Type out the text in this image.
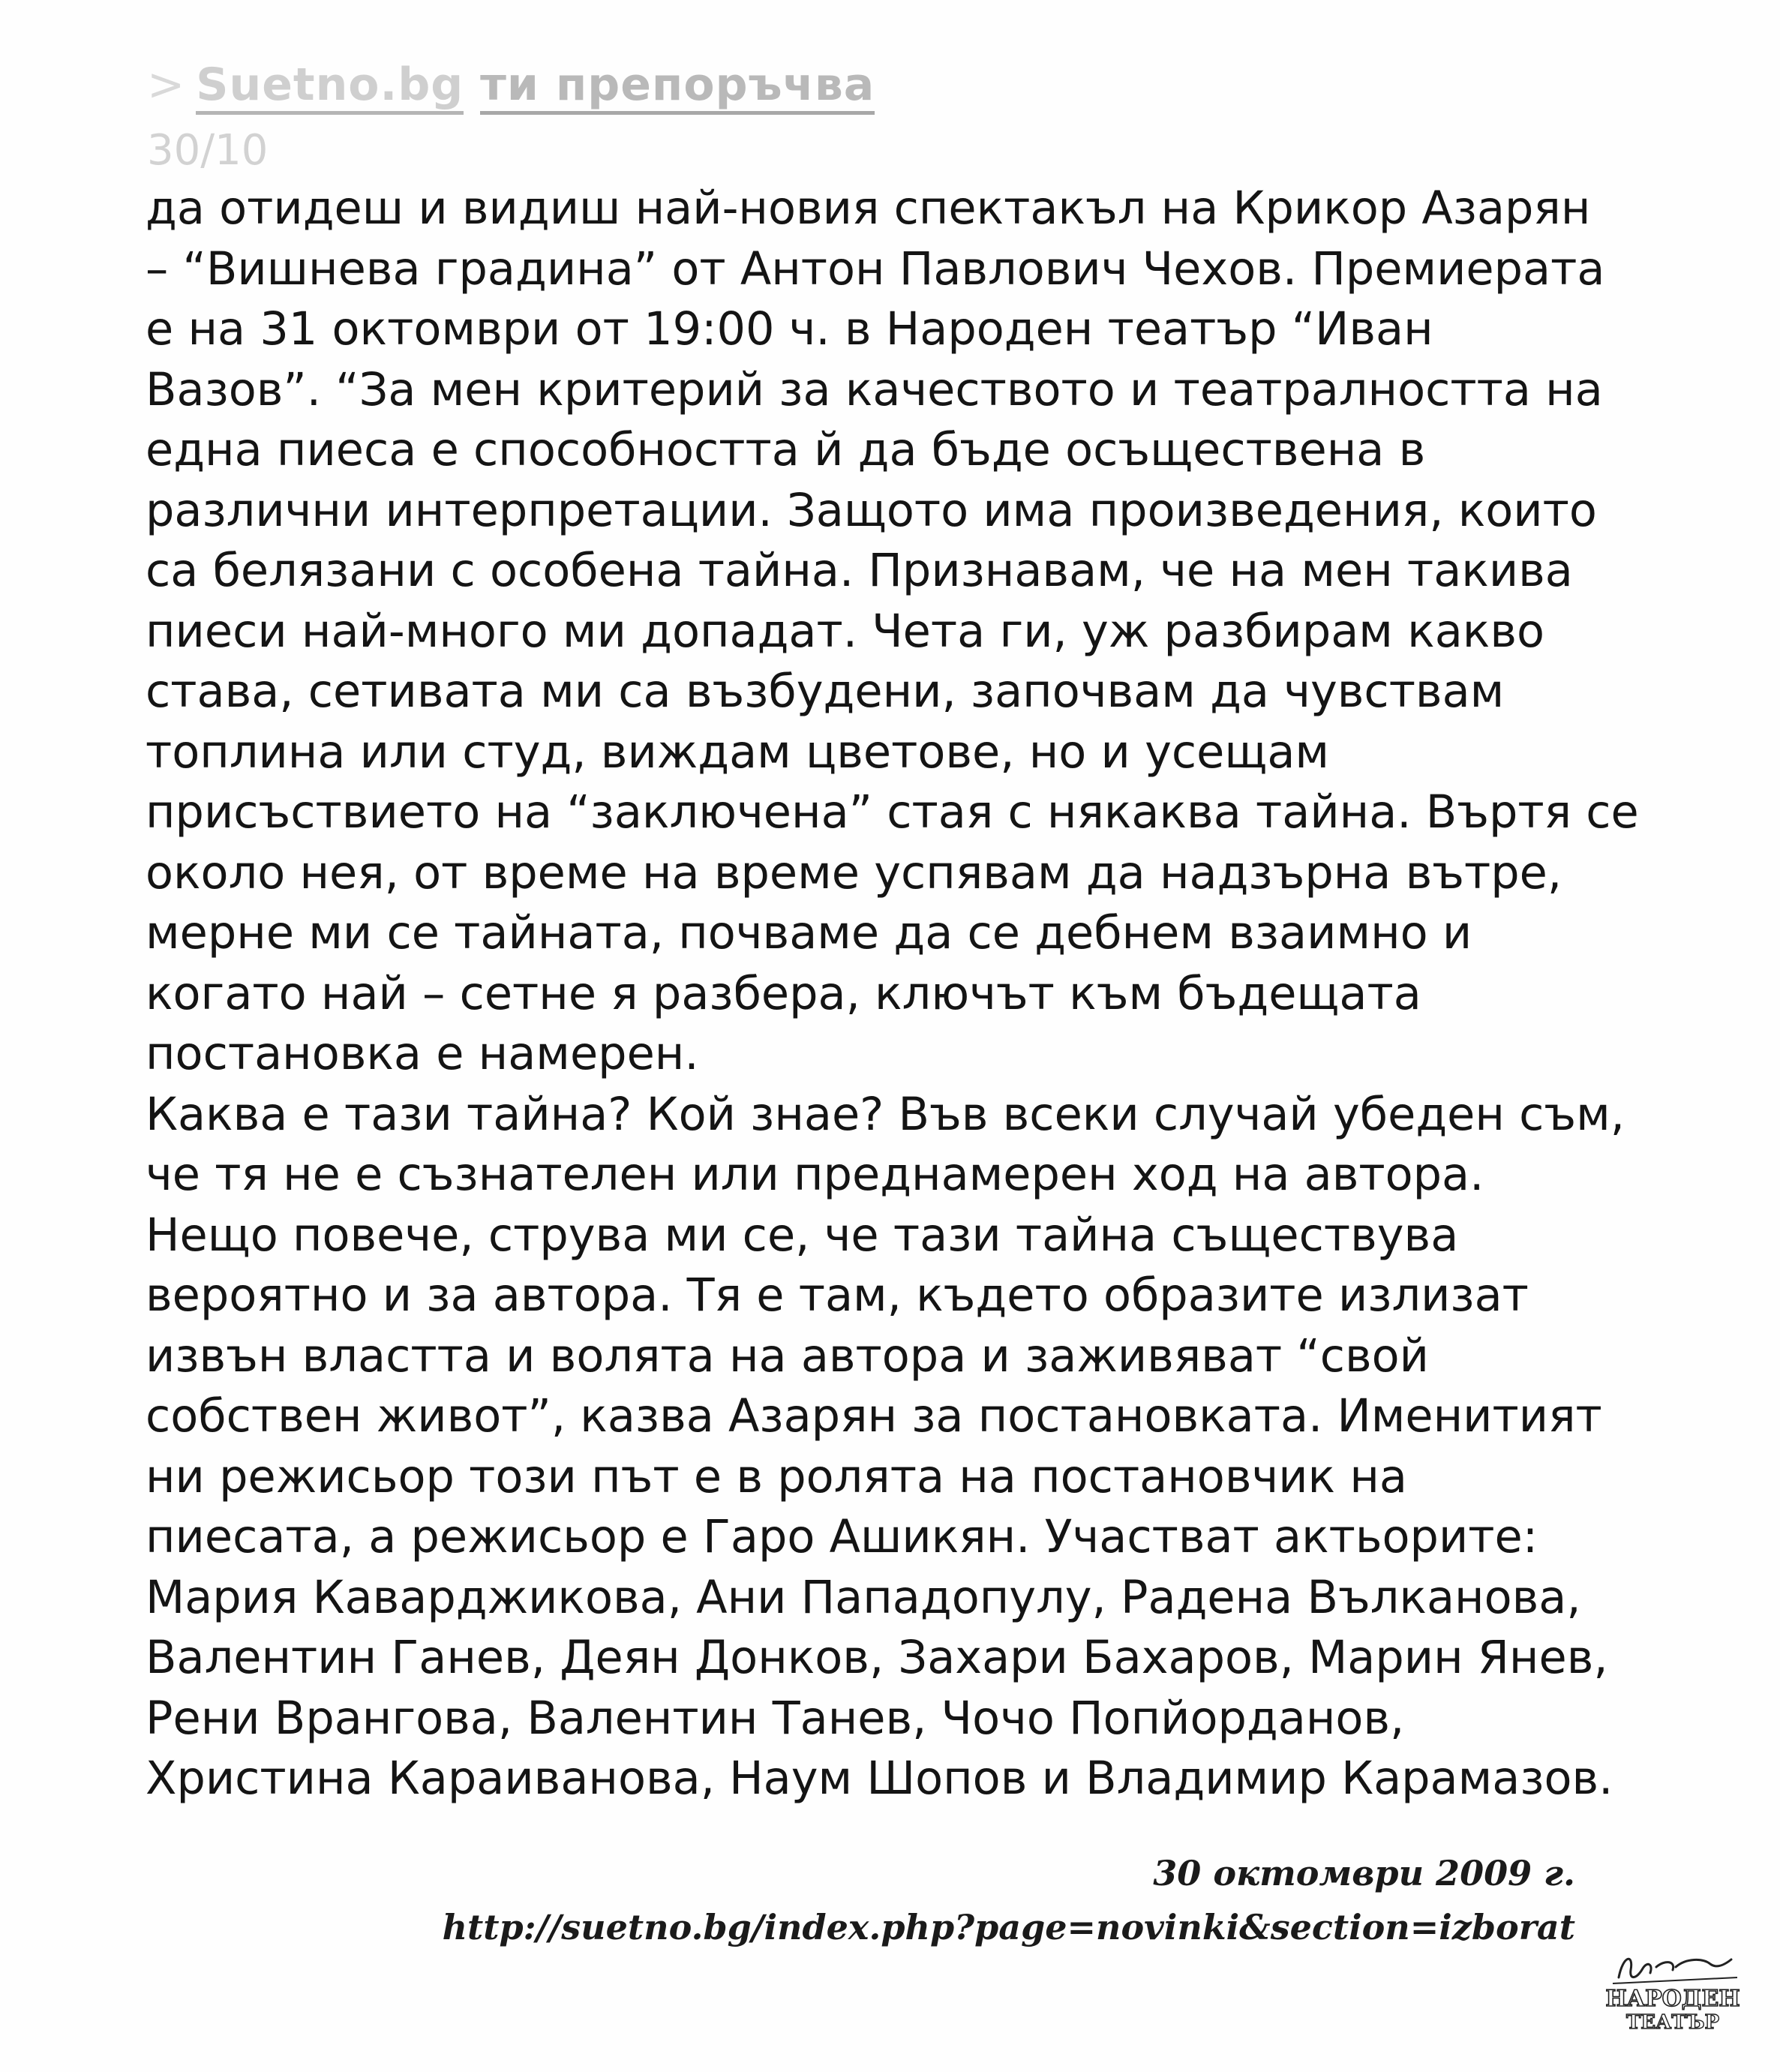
> Suetno.bg ти препоръчва
30/10
да отидеш и видиш най-новия спектакъл на Крикор Азарян
– “Вишнева градина” от Антон Павлович Чехов. Премиерата
е на 31 октомври от 19:00 ч. в Народен театър “Иван
Вазов”. “За мен критерий за качеството и театралността на
една пиеса е способността й да бъде осъществена в
различни интерпретации. Защото има произведения, които
са белязани с особена тайна. Признавам, че на мен такива
пиеси най-много ми допадат. Чета ги, уж разбирам какво
става, сетивата ми са възбудени, започвам да чувствам
топлина или студ, виждам цветове, но и усещам
присъствието на “заключена” стая с някаква тайна. Въртя се
около нея, от време на време успявам да надзърна вътре,
мерне ми се тайната, почваме да се дебнем взаимно и
когато най – сетне я разбера, ключът към бъдещата
постановка е намерен.
Каква е тази тайна? Кой знае? Във всеки случай убеден съм,
че тя не е съзнателен или преднамерен ход на автора.
Нещо повече, струва ми се, че тази тайна съществува
вероятно и за автора. Тя е там, където образите излизат
извън властта и волята на автора и заживяват “свой
собствен живот”, казва Азарян за постановката. Именитият
ни режисьор този път е в ролята на постановчик на
пиесата, а режисьор е Гаро Ашикян. Участват актьорите:
Мария Каварджикова, Ани Пападопулу, Радена Вълканова,
Валентин Ганев, Деян Донков, Захари Бахаров, Марин Янев,
Рени Врангова, Валентин Танев, Чочо Попйорданов,
Христина Караиванова, Наум Шопов и Владимир Карамазов.
30 октомври 2009 г.
http://suetno.bg/index.php?page=novinki&section=izborat
НАРОДЕН
ТЕАТЪР
